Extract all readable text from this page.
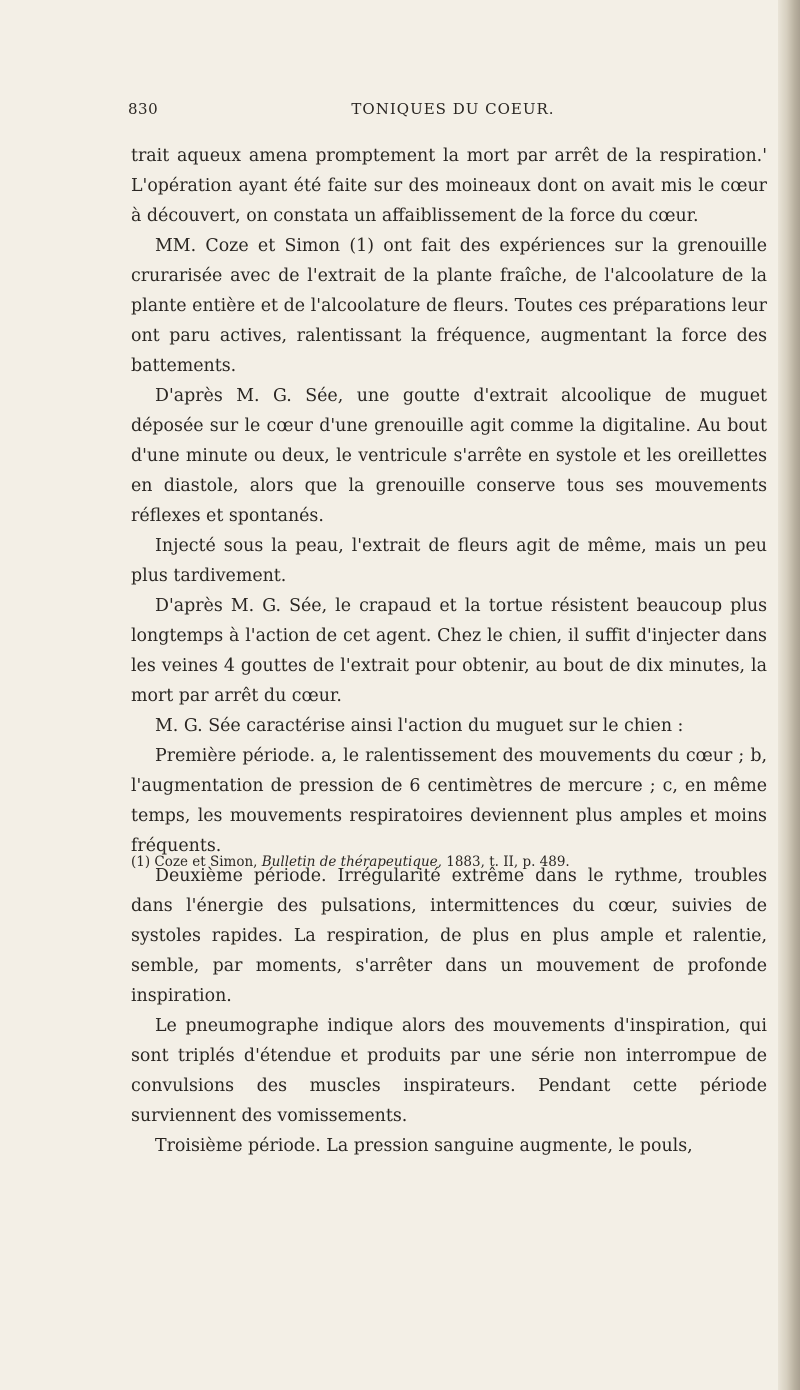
830	TONIQUES DU COEUR.

trait aqueux amena promptement la mort par arrêt de la respiration.' L'opération ayant été faite sur des moineaux dont on avait mis le cœur à découvert, on constata un affaiblissement de la force du cœur.

MM. Coze et Simon (1) ont fait des expériences sur la grenouille crurarisée avec de l'extrait de la plante fraîche, de l'alcoolature de la plante entière et de l'alcoolature de fleurs. Toutes ces préparations leur ont paru actives, ralentissant la fréquence, augmentant la force des battements.

D'après M. G. Sée, une goutte d'extrait alcoolique de muguet déposée sur le cœur d'une grenouille agit comme la digitaline. Au bout d'une minute ou deux, le ventricule s'arrête en systole et les oreillettes en diastole, alors que la grenouille conserve tous ses mouvements réflexes et spontanés.

Injecté sous la peau, l'extrait de fleurs agit de même, mais un peu plus tardivement.

D'après M. G. Sée, le crapaud et la tortue résistent beaucoup plus longtemps à l'action de cet agent. Chez le chien, il suffit d'injecter dans les veines 4 gouttes de l'extrait pour obtenir, au bout de dix minutes, la mort par arrêt du cœur.

M. G. Sée caractérise ainsi l'action du muguet sur le chien :

Première période. a, le ralentissement des mouvements du cœur ; b, l'augmentation de pression de 6 centimètres de mercure ; c, en même temps, les mouvements respiratoires deviennent plus amples et moins fréquents.

Deuxième période. Irrégularité extrême dans le rythme, troubles dans l'énergie des pulsations, intermittences du cœur, suivies de systoles rapides. La respiration, de plus en plus ample et ralentie, semble, par moments, s'arrêter dans un mouvement de profonde inspiration.

Le pneumographe indique alors des mouvements d'inspiration, qui sont triplés d'étendue et produits par une série non interrompue de convulsions des muscles inspirateurs. Pendant cette période surviennent des vomissements.

Troisième période. La pression sanguine augmente, le pouls,

(1) Coze et Simon, Bulletin de thérapeutique, 1883, t. II, p. 489.
